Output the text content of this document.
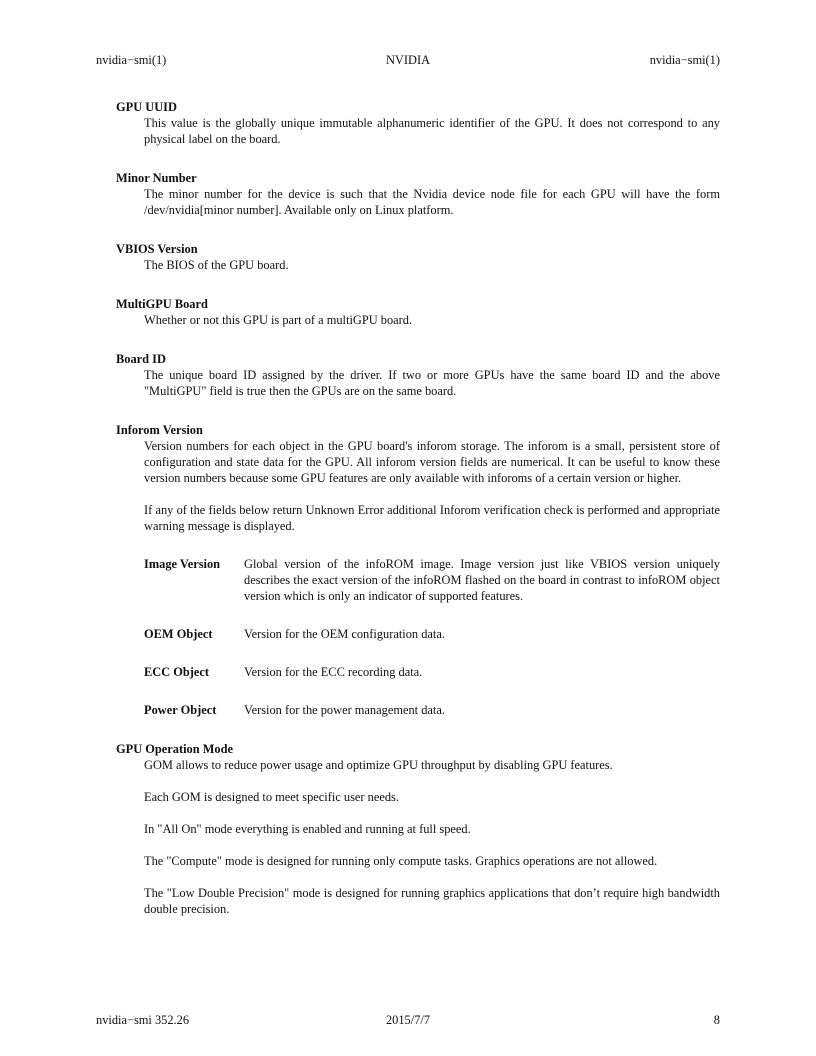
nvidia−smi(1)	NVIDIA	nvidia−smi(1)
GPU UUID
This value is the globally unique immutable alphanumeric identifier of the GPU. It does not correspond to any physical label on the board.
Minor Number
The minor number for the device is such that the Nvidia device node file for each GPU will have the form /dev/nvidia[minor number]. Available only on Linux platform.
VBIOS Version
The BIOS of the GPU board.
MultiGPU Board
Whether or not this GPU is part of a multiGPU board.
Board ID
The unique board ID assigned by the driver. If two or more GPUs have the same board ID and the above "MultiGPU" field is true then the GPUs are on the same board.
Inforom Version
Version numbers for each object in the GPU board's inforom storage. The inforom is a small, persistent store of configuration and state data for the GPU. All inforom version fields are numerical. It can be useful to know these version numbers because some GPU features are only available with inforoms of a certain version or higher.
If any of the fields below return Unknown Error additional Inforom verification check is performed and appropriate warning message is displayed.
Image Version	Global version of the infoROM image. Image version just like VBIOS version uniquely describes the exact version of the infoROM flashed on the board in contrast to infoROM object version which is only an indicator of supported features.
OEM Object	Version for the OEM configuration data.
ECC Object	Version for the ECC recording data.
Power Object	Version for the power management data.
GPU Operation Mode
GOM allows to reduce power usage and optimize GPU throughput by disabling GPU features.
Each GOM is designed to meet specific user needs.
In "All On" mode everything is enabled and running at full speed.
The "Compute" mode is designed for running only compute tasks. Graphics operations are not allowed.
The "Low Double Precision" mode is designed for running graphics applications that don’t require high bandwidth double precision.
nvidia−smi 352.26	2015/7/7	8
